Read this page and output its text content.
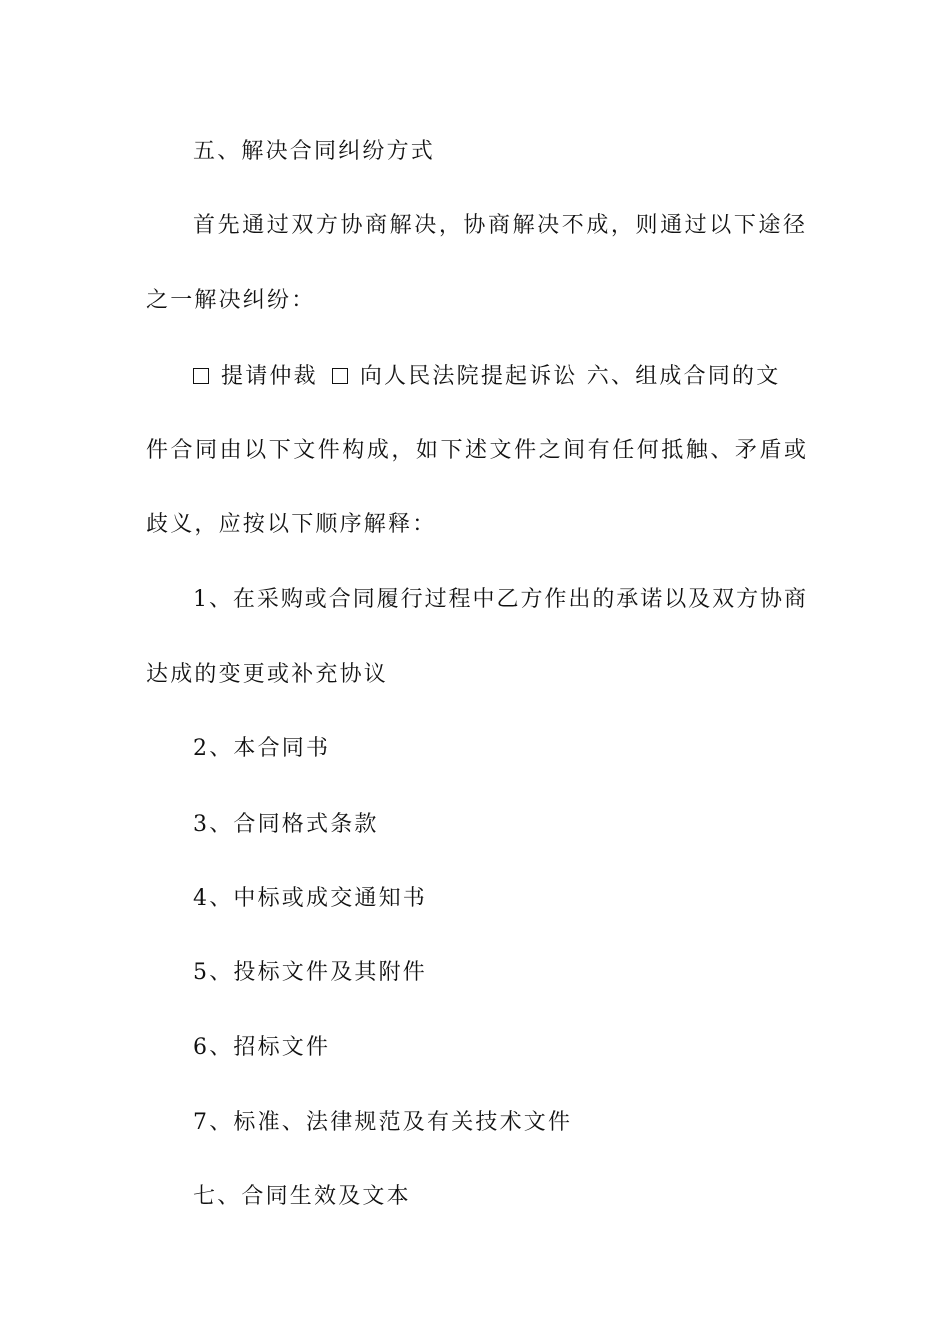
五、解决合同纠纷方式
首先通过双方协商解决，协商解决不成，则通过以下途径
之一解决纠纷：
提请仲裁 向人民法院提起诉讼 六、组成合同的文
件合同由以下文件构成，如下述文件之间有任何抵触、矛盾或
歧义，应按以下顺序解释：
1、在采购或合同履行过程中乙方作出的承诺以及双方协商
达成的变更或补充协议
2、本合同书
3、合同格式条款
4、中标或成交通知书
5、投标文件及其附件
6、招标文件
7、标准、法律规范及有关技术文件
七、合同生效及文本
